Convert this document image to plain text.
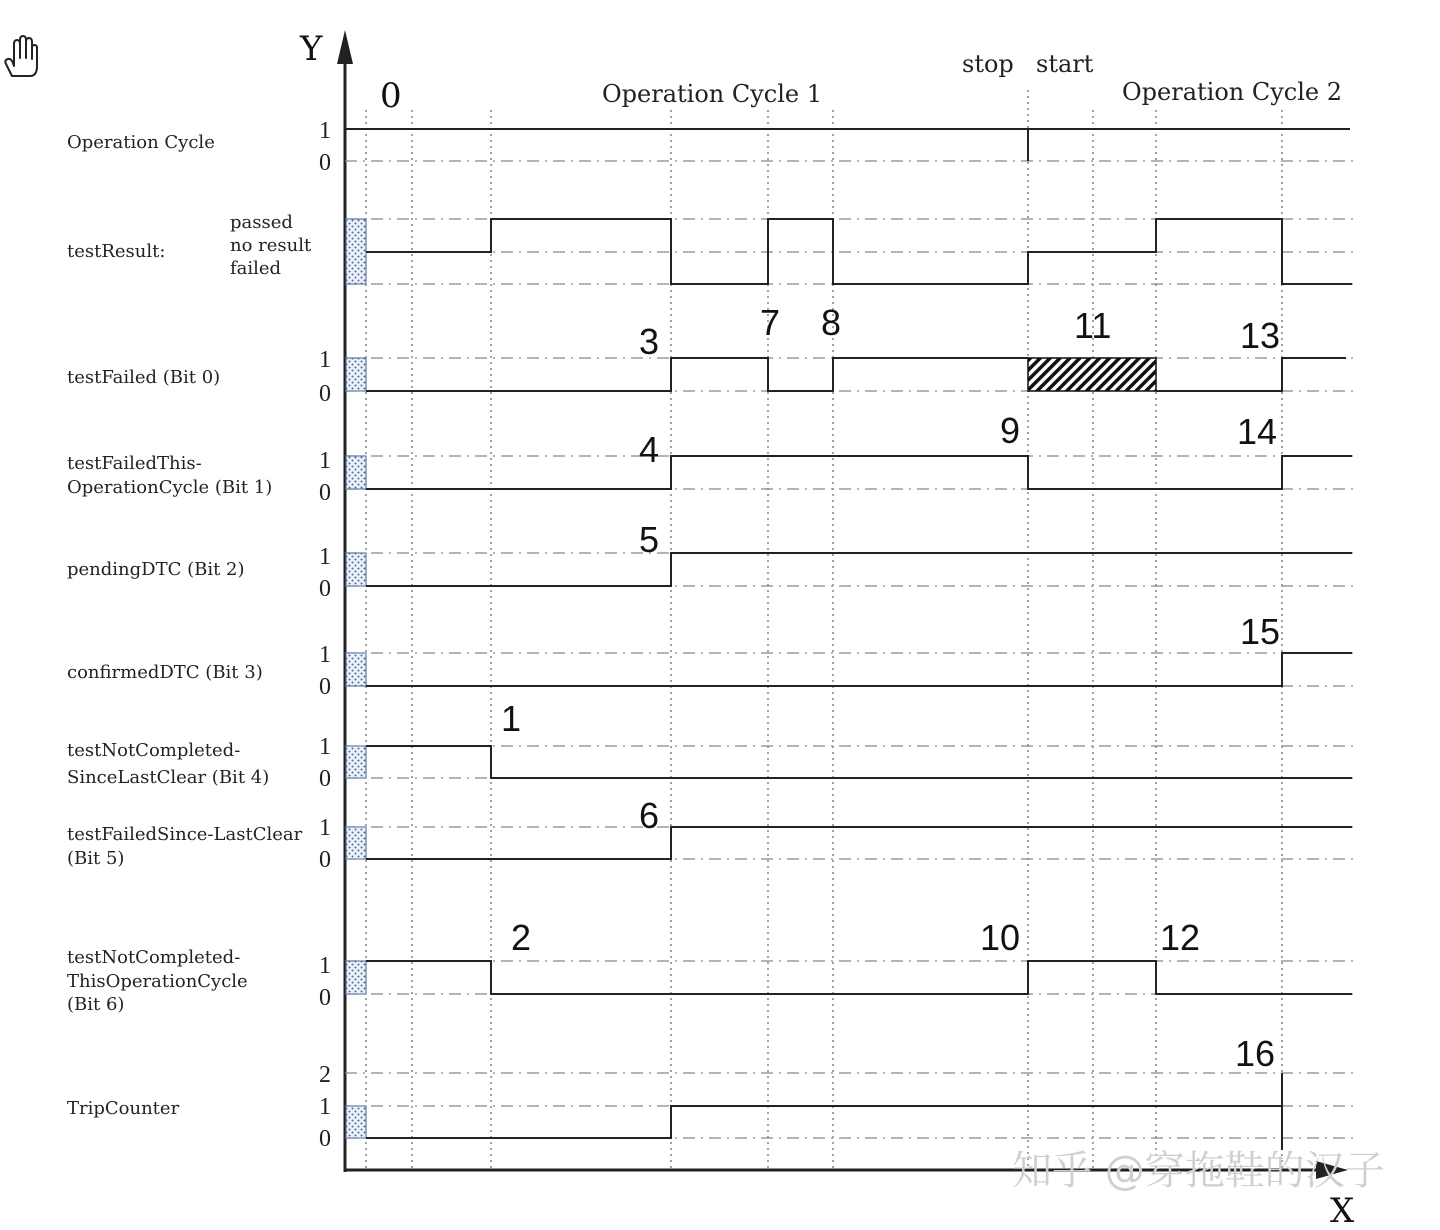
Y
X
0	Operation Cycle 1
stop start
Operation Cycle 2
Operation Cycle
testResult:
passed
no result
failed
testFailed (Bit 0)
testFailedThis-
OperationCycle (Bit 1)
pendingDTC (Bit 2)
confirmedDTC (Bit 3)
testNotCompleted-
SinceLastClear (Bit 4)
testFailedSince-LastClear
(Bit 5)
testNotCompleted-
ThisOperationCycle
(Bit 6)
TripCounter
1
0
1
0
1
0
1
0
1
0
1
0
1
0
1
0
2
1
0
1
2
3
4
5
6
7 8
9
10
11
12
13
14
15
16
知乎 @穿拖鞋的汉子
